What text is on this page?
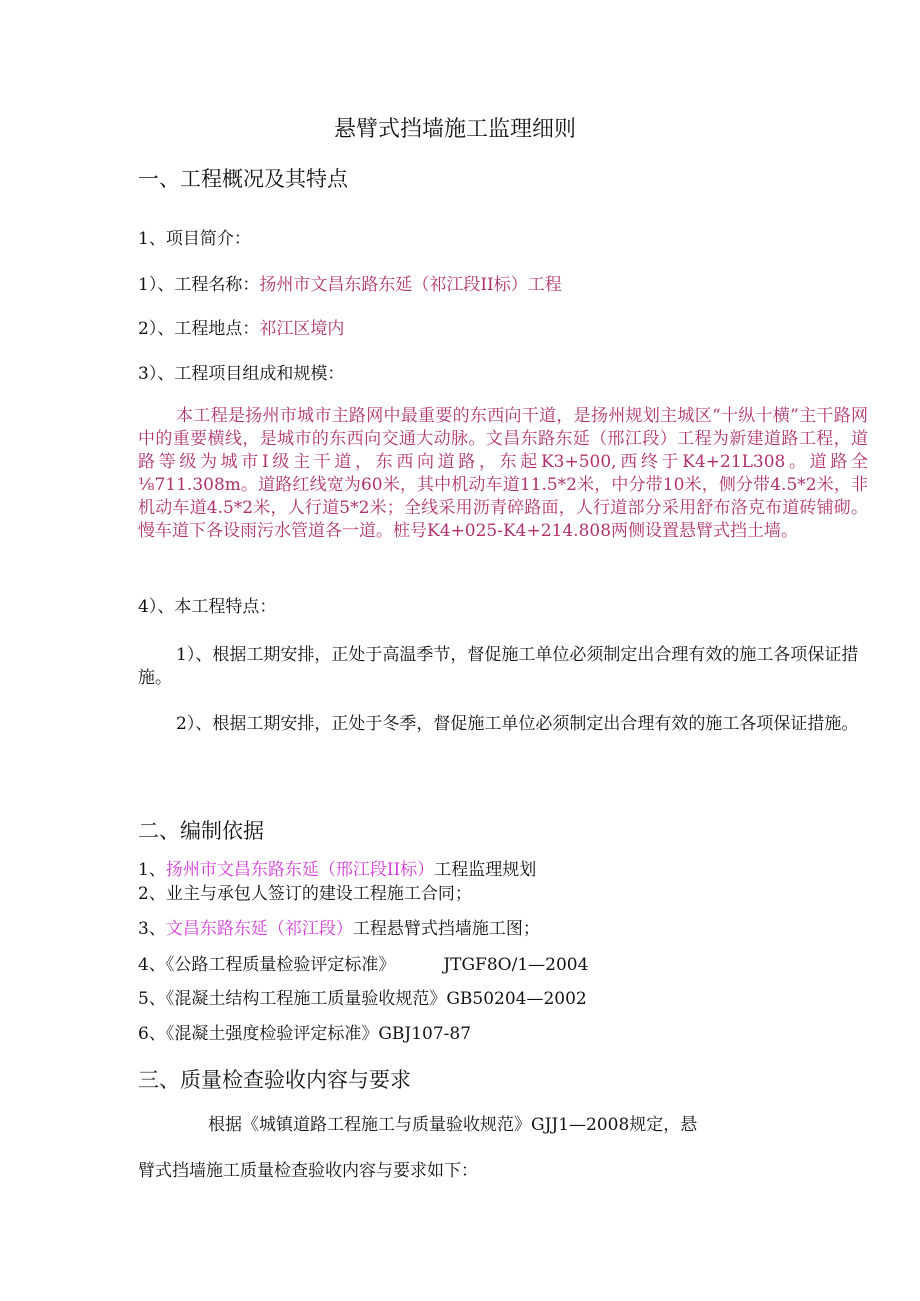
悬臂式挡墙施工监理细则
一、工程概况及其特点
1、项目简介：
1）、工程名称：扬州市文昌东路东延（祁江段II标）工程
2）、工程地点：祁江区境内
3）、工程项目组成和规模：
本工程是扬州市城市主路网中最重要的东西向干道，是扬州规划主城区“十纵十横”主干路网中的重要横线，是城市的东西向交通大动脉。文昌东路东延（邢江段）工程为新建道路工程，道路等级为城市I级主干道，东西向道路，东起K3+500,西终于K4+21L308。道路全⅛711.308m。道路红线宽为60米，其中机动车道11.5*2米，中分带10米，侧分带4.5*2米，非机动车道4.5*2米，人行道5*2米；全线采用沥青碎路面，人行道部分采用舒布洛克布道砖铺砌。慢车道下各设雨污水管道各一道。桩号K4+025-K4+214.808两侧设置悬臂式挡土墙。
4）、本工程特点：
1）、根据工期安排，正处于高温季节，督促施工单位必须制定出合理有效的施工各项保证措施。
2）、根据工期安排，正处于冬季，督促施工单位必须制定出合理有效的施工各项保证措施。
二、编制依据
1、扬州市文昌东路东延（邢江段II标）工程监理规划
2、业主与承包人签订的建设工程施工合同；
3、文昌东路东延（祁江段）工程悬臂式挡墙施工图；
4、《公路工程质量检验评定标准》	JTGF8O/1—2004
5、《混凝土结构工程施工质量验收规范》GB50204—2002
6、《混凝土强度检验评定标准》GBJ107-87
三、质量检查验收内容与要求
根据《城镇道路工程施工与质量验收规范》GJJ1—2008规定，悬
臂式挡墙施工质量检查验收内容与要求如下：
